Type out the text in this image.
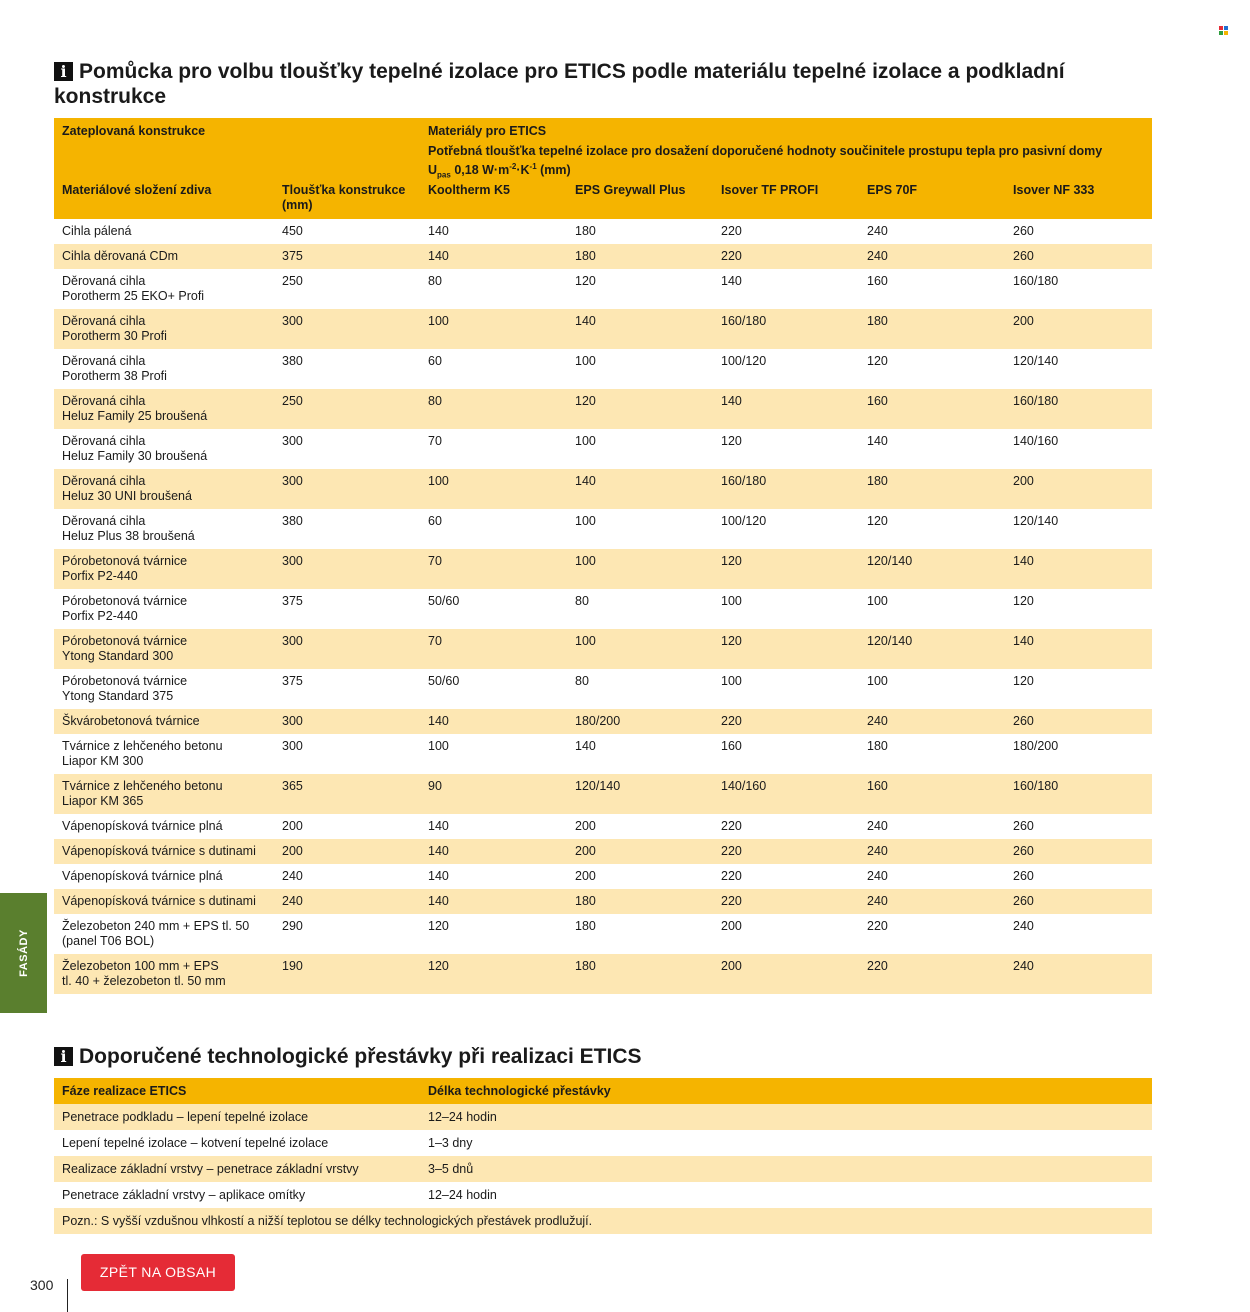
i Pomůcka pro volbu tloušťky tepelné izolace pro ETICS podle materiálu tepelné izolace a podkladní
konstrukce
Zateplovaná konstrukce		Materiály pro ETICS				
		Potřebná tloušťka tepelné izolace pro dosažení doporučené hodnoty součinitele prostupu tepla pro pasivní domy
$U_{pas}$ 0,18 $W\cdot m^{-2}\cdot K^{-1}$ (mm)				
Materiálové složení zdiva	Tloušťka konstrukce (mm)	Kooltherm K5	EPS Greywall Plus	Isover TF PROFI	EPS 70F	Isover NF 333
Cihla pálená	450	140	180	220	240	260
Cihla děrovaná CDm	375	140	180	220	240	260
Děrovaná cihla
Porotherm 25 EKO+ Profi	250	80	120	140	160	160/180
Děrovaná cihla
Porotherm 30 Profi	300	100	140	160/180	180	200
Děrovaná cihla
Porotherm 38 Profi	380	60	100	100/120	120	120/140
Děrovaná cihla
Heluz Family 25 broušená	250	80	120	140	160	160/180
Děrovaná cihla
Heluz Family 30 broušená	300	70	100	120	140	140/160
Děrovaná cihla
Heluz 30 UNI broušená	300	100	140	160/180	180	200
Děrovaná cihla
Heluz Plus 38 broušená	380	60	100	100/120	120	120/140
Pórobetonová tvárnice
Porfix P2-440	300	70	100	120	120/140	140
Pórobetonová tvárnice
Porfix P2-440	375	50/60	80	100	100	120
Pórobetonová tvárnice
Ytong Standard 300	300	70	100	120	120/140	140
Pórobetonová tvárnice
Ytong Standard 375	375	50/60	80	100	100	120
Škvárobetonová tvárnice	300	140	180/200	220	240	260
Tvárnice z lehčeného betonu
Liapor KM 300	300	100	140	160	180	180/200
Tvárnice z lehčeného betonu
Liapor KM 365	365	90	120/140	140/160	160	160/180
Vápenopísková tvárnice plná	200	140	200	220	240	260
Vápenopísková tvárnice s dutinami	200	140	200	220	240	260
Vápenopísková tvárnice plná	240	140	200	220	240	260
Vápenopísková tvárnice s dutinami	240	140	180	220	240	260
Železobeton 240 mm + EPS tl. 50
(panel T06 BOL)	290	120	180	200	220	240
Železobeton 100 mm + EPS
tl. 40 + železobeton tl. 50 mm	190	120	180	200	220	240
i Doporučené technologické přestávky při realizaci ETICS
Fáze realizace ETICS	Délka technologické přestávky
Penetrace podkladu – lepení tepelné izolace	12–24 hodin
Lepení tepelné izolace – kotvení tepelné izolace	1–3 dny
Realizace základní vrstvy – penetrace základní vrstvy	3–5 dnů
Penetrace základní vrstvy – aplikace omítky	12–24 hodin
Pozn.: S vyšší vzdušnou vlhkostí a nižší teplotou se délky technologických přestávek prodlužují.	
FASÁDY
300
ZPĚT NA OBSAH
